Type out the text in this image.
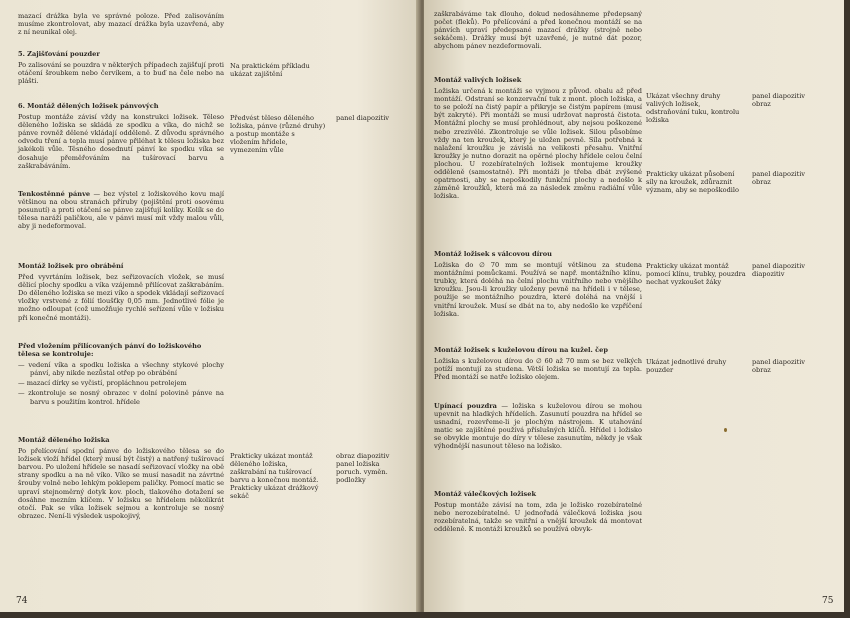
mazací drážka byla ve správné poloze. Před zalisováním musíme zkontrolovat, aby mazací drážka byla uzavřená, aby z ní neunikal olej.

5. Zajišťování pouzder

Po zalisování se pouzdra v některých případech zajišťují proti otáčení šroubkem nebo červíkem, a to buď na čele nebo na plášti.

6. Montáž dělených ložisek pánvových

Postup montáže závisí vždy na konstrukci ložisek. Těleso děleného ložiska se skládá ze spodku a víka, do nichž se pánve rovněž dělené vkládají odděleně. Z důvodu správného odvodu tření a tepla musí pánve přiléhat k tělesu ložiska bez jakékoli vůle. Těsného dosednutí pánví ke spodku víka se dosahuje přeměřováním na tušírovací barvu a zaškrabáváním.

Tenkostěnné pánve — bez výstel z ložiskového kovu mají většinou na obou stranách příruby (pojištění proti osovému posunutí) a proti otáčení se pánve zajišťují kolíky. Kolík se do tělesa naráží paličkou, ale v pánvi musí mít vždy malou vůli, aby ji nedeformoval.

Montáž ložisek pro obrábění

Před vyvrtáním ložisek, bez seřizovacích vložek, se musí dělicí plochy spodku a víka vzájemně přilícovat zaškrabáním. Do děleného ložiska se mezi víko a spodek vkládají seřizovací vložky vrstvené z fólií tloušťky 0,05 mm. Jednotlivé fólie je možno odloupat (což umožňuje rychlé seřízení vůle v ložisku při konečné montáži).

Před vložením přilícovaných pánví do ložiskového tělesa se kontroluje:
— vedení víka a spodku ložiska a všechny stykové plochy pánví, aby nikde nezůstal otřep po obrábění
— mazací dírky se vyčistí, propláchnou petrolejem
— zkontroluje se nosný obrazec v dolní polovině pánve na barvu s použitím kontrol. hřídele
Montáž děleného ložiska

Po přelícování spodní pánve do ložiskového tělesa se do ložisek vloží hřídel (který musí být čistý) a natřený tušírovací barvou. Po uložení hřídele se nasadí seřizovací vložky na obě strany spodku a na ně víko. Víko se musí nasadit na závrtné šrouby volně nebo lehkým poklepem paličky. Pomocí matic se upraví stejnoměrný dotyk kov. ploch, tlakového dotažení se dosáhne mezním klíčem. V ložisku se hřídelem několikrát otočí. Pak se víka ložisek sejmou a kontroluje se nosný obrazec. Není-li výsledek uspokojivý,

Na praktickém příkladu ukázat zajištění
Předvést těleso děleného ložiska, pánve (různé druhy) a postup montáže s vložením hřídele, vymezením vůle
Prakticky ukázat montáž děleného ložiska, zaškrabání na tušírovací barvu a konečnou montáž. Prakticky ukázat drážkový sekáč
panel diapozitiv
obraz diapozitiv panel ložiska poruch. vyměn. podložky
74

zaškrabáváme tak dlouho, dokud nedosáhneme předepsaný počet (fleků). Po přelícování a před konečnou montáží se na pánvích upraví předepsané mazací drážky (strojně nebo sekáčem). Drážky musí být uzavřené, je nutné dát pozor, abychom pánev nezdeformovali.

Montáž valivých ložisek

Ložiska určená k montáži se vyjmou z původ. obalu až před montáží. Odstraní se konzervační tuk z mont. ploch ložiska, a to se položí na čistý papír a přikryje se čistým papírem (musí být zakryté). Při montáži se musí udržovat naprostá čistota. Montážní plochy se musí prohlédnout, aby nejsou poškozené nebo zrezivělé. Zkontroluje se vůle ložisek. Silou působíme vždy na ten kroužek, který je uložen pevně. Síla potřebná k nalažení kroužku je závislá na velikosti přesahu. Vnitřní kroužky je nutno dorazit na opěrné plochy hřídele celou čelní plochou. U rozebíratelných ložisek montujeme kroužky odděleně (samostatně). Při montáži je třeba dbát zvýšené opatrnosti, aby se nepoškodily funkční plochy a nedošlo k záměně kroužků, která má za následek změnu radiální vůle ložiska.

Montáž ložisek s válcovou dírou

Ložiska do ∅ 70 mm se montují většinou za studena montážními pomůckami. Používá se např. montážního klínu, trubky, která doléhá na čelní plochu vnitřního nebo vnějšího kroužku. Jsou-li kroužky uloženy pevně na hřídeli i v tělese, použije se montážního pouzdra, které doléhá na vnější i vnitřní kroužek. Musí se dbát na to, aby nedošlo ke vzpříčení ložiska.

Montáž ložisek s kuželovou dírou na kužel. čep

Ložiska s kuželovou dírou do ∅ 60 až 70 mm se bez velkých potíží montují za studena. Větší ložiska se montují za tepla. Před montáží se natře ložisko olejem.

Upínací pouzdra — ložiska s kuželovou dírou se mohou upevnit na hladkých hřídelích. Zasunutí pouzdra na hřídel se usnadní, rozevřeme-li je plochým nástrojem. K utahování matic se zajištěné používá příslušných klíčů. Hřídel i ložisko se obvykle montuje do díry v tělese zasunutím, někdy je však výhodnější nasunout těleso na ložisko.

Montáž válečkových ložisek

Postup montáže závisí na tom, zda je ložisko rozebíratelné nebo nerozebíratelné. U jednořadá válečková ložiska jsou rozebíratelná, takže se vnitřní a vnější kroužek dá montovat odděleně. K montáži kroužků se používá obvyk-

Ukázat všechny druhy valivých ložisek, odstraňování tuku, kontrolu ložiska
Prakticky ukázat působení síly na kroužek, zdůraznit význam, aby se nepoškodilo
Prakticky ukázat montáž pomocí klínu, trubky, pouzdra nechat vyzkoušet žáky
Ukázat jednotlivé druhy pouzder
panel diapozitiv obraz
panel diapozitiv obraz
panel diapozitiv diapozitiv
panel diapozitiv obraz
75
